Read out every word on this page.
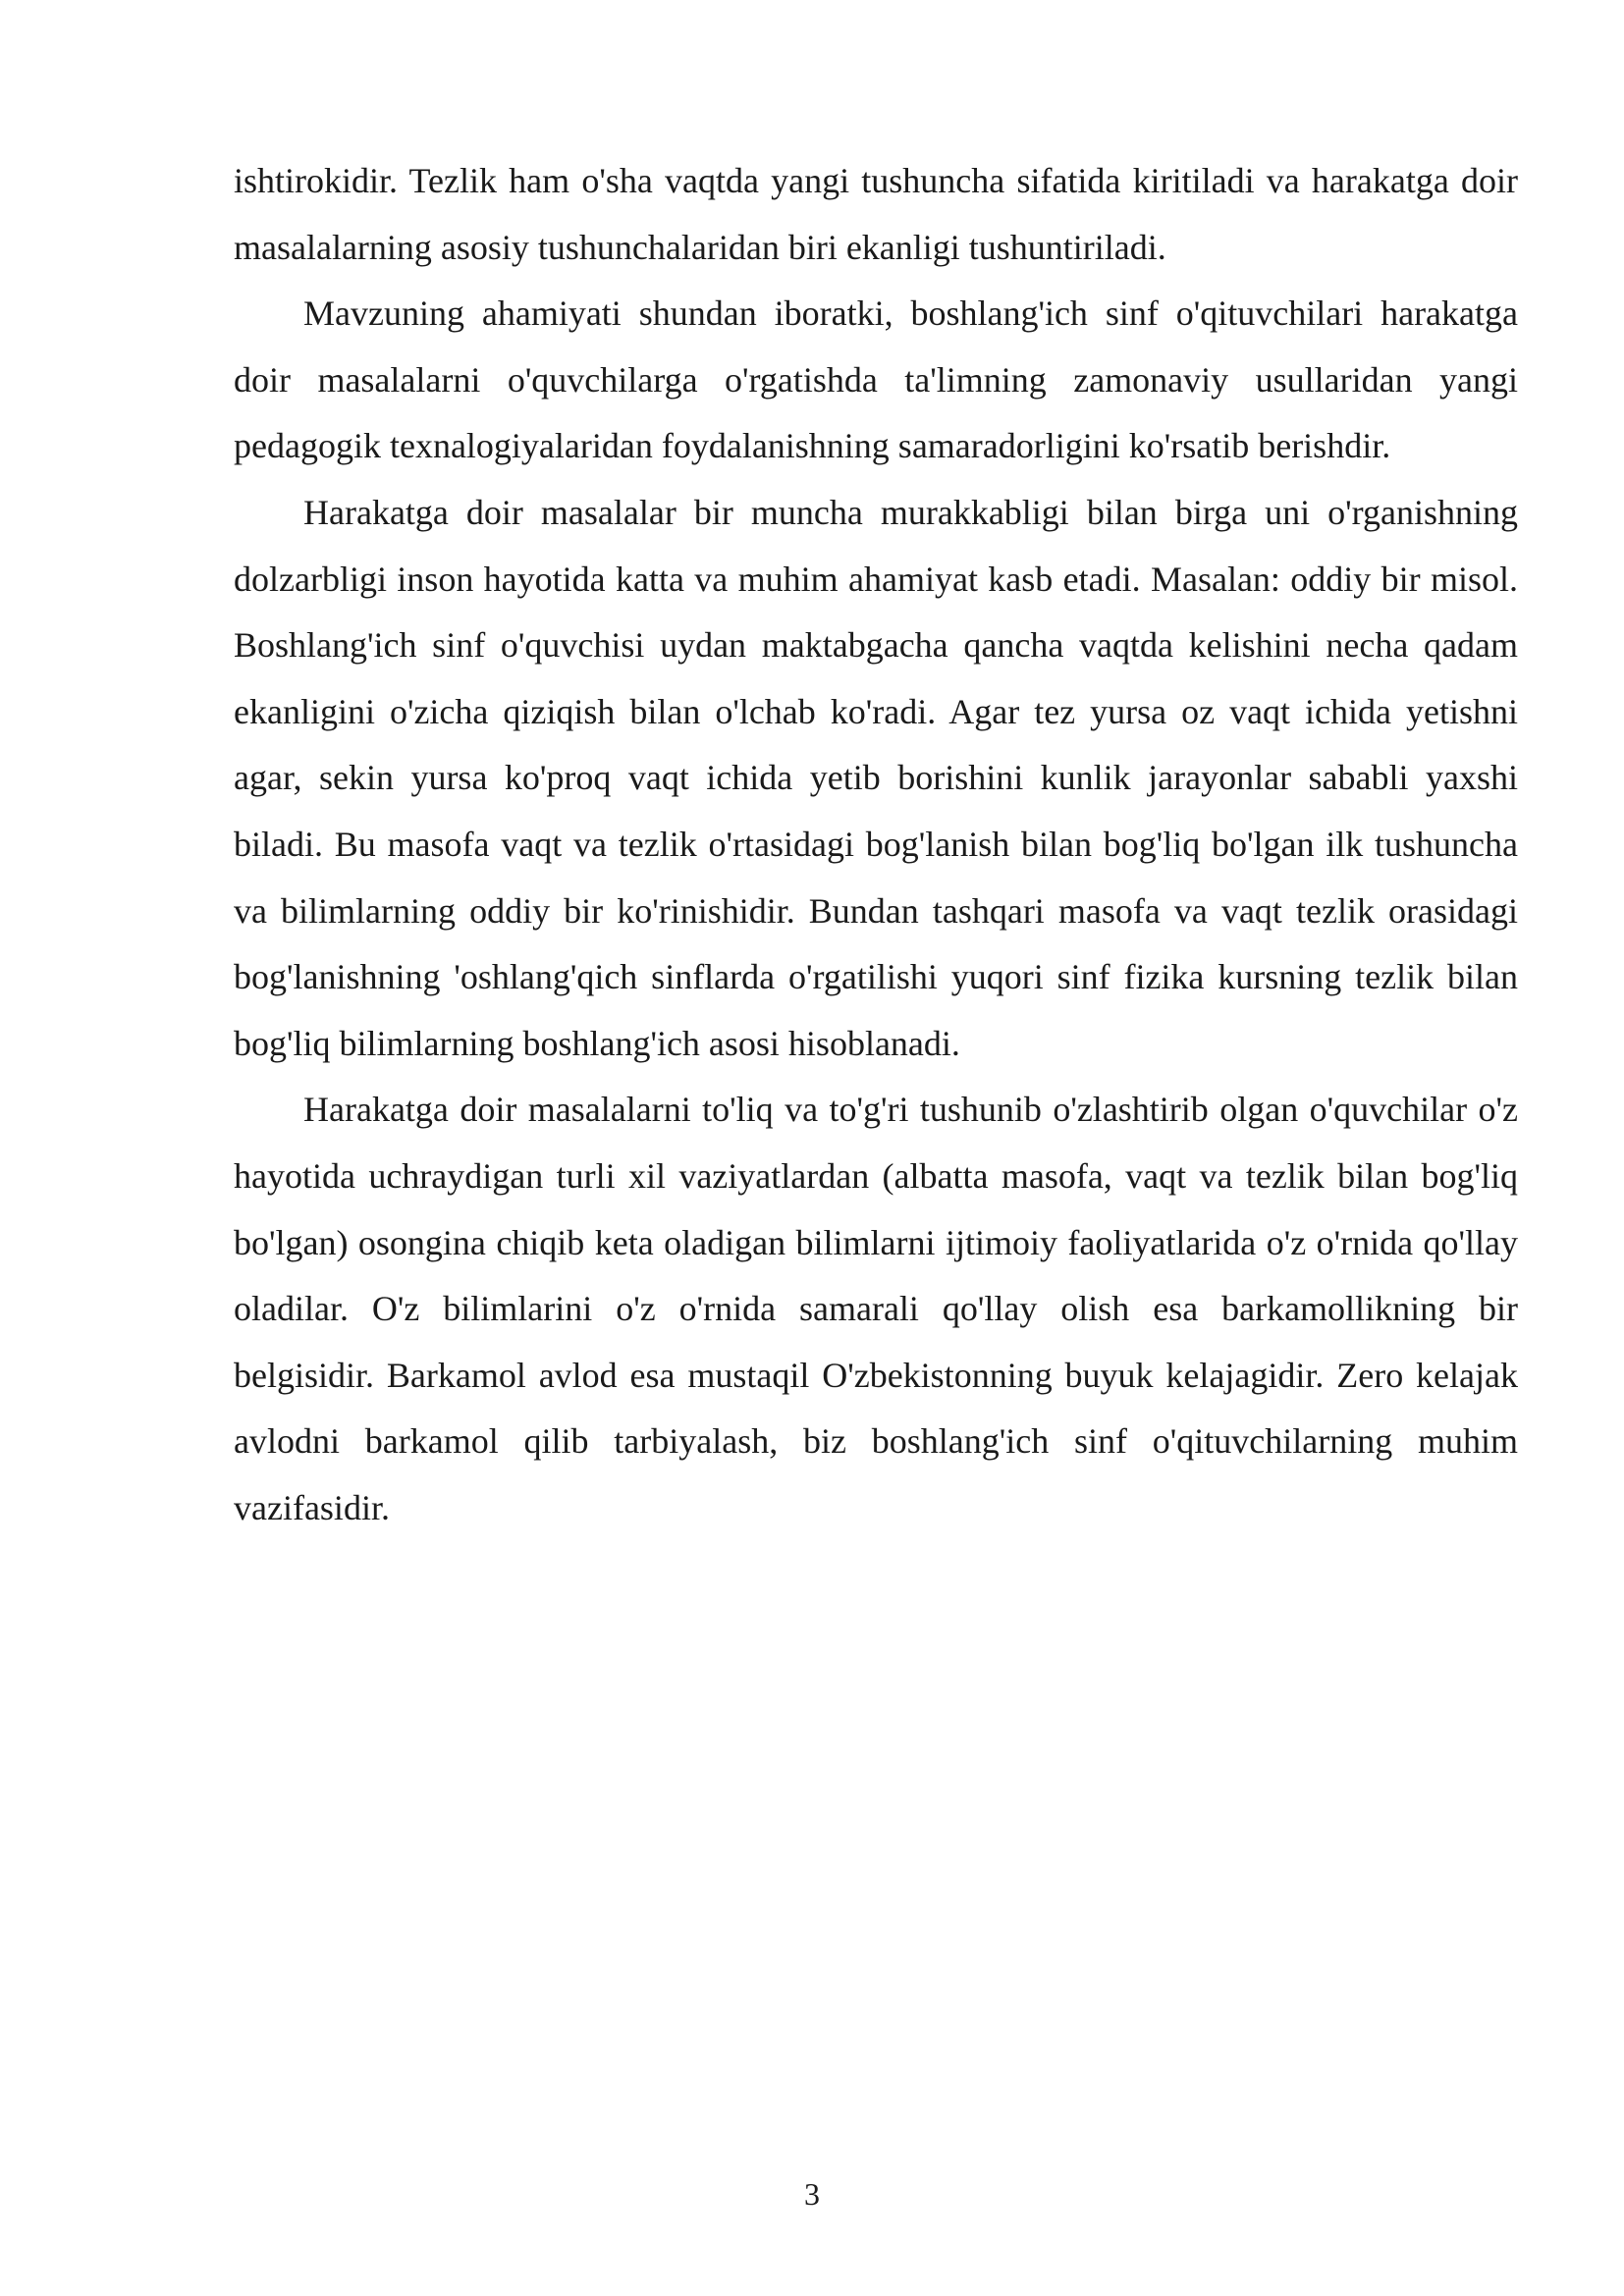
ishtirokidir. Tezlik ham o'sha vaqtda yangi tushuncha sifatida kiritiladi va harakatga doir masalalarning asosiy tushunchalaridan biri ekanligi tushuntiriladi.

Mavzuning ahamiyati shundan iboratki, boshlang'ich sinf o'qituvchilari harakatga doir masalalarni o'quvchilarga o'rgatishda ta'limning zamonaviy usullaridan yangi pedagogik texnalogiyalaridan foydalanishning samaradorligini ko'rsatib berishdir.

Harakatga doir masalalar bir muncha murakkabligi bilan birga uni o'rganishning dolzarbligi inson hayotida katta va muhim ahamiyat kasb etadi. Masalan: oddiy bir misol. Boshlang'ich sinf o'quvchisi uydan maktabgacha qancha vaqtda kelishini necha qadam ekanligini o'zicha qiziqish bilan o'lchab ko'radi. Agar tez yursa oz vaqt ichida yetishni agar, sekin yursa ko'proq vaqt ichida yetib borishini kunlik jarayonlar sababli yaxshi biladi. Bu masofa vaqt va tezlik o'rtasidagi bog'lanish bilan bog'liq bo'lgan ilk tushuncha va bilimlarning oddiy bir ko'rinishidir. Bundan tashqari masofa va vaqt tezlik orasidagi bog'lanishning 'oshlang'qich sinflarda o'rgatilishi yuqori sinf fizika kursning tezlik bilan bog'liq bilimlarning boshlang'ich asosi hisoblanadi.

Harakatga doir masalalarni to'liq va to'g'ri tushunib o'zlashtirib olgan o'quvchilar o'z hayotida uchraydigan turli xil vaziyatlardan (albatta masofa, vaqt va tezlik bilan bog'liq bo'lgan) osongina chiqib keta oladigan bilimlarni ijtimoiy faoliyatlarida o'z o'rnida qo'llay oladilar. O'z bilimlarini o'z o'rnida samarali qo'llay olish esa barkamollikning bir belgisidir. Barkamol avlod esa mustaqil O'zbekistonning buyuk kelajagidir. Zero kelajak avlodni barkamol qilib tarbiyalash, biz boshlang'ich sinf o'qituvchilarning muhim vazifasidir.

3
